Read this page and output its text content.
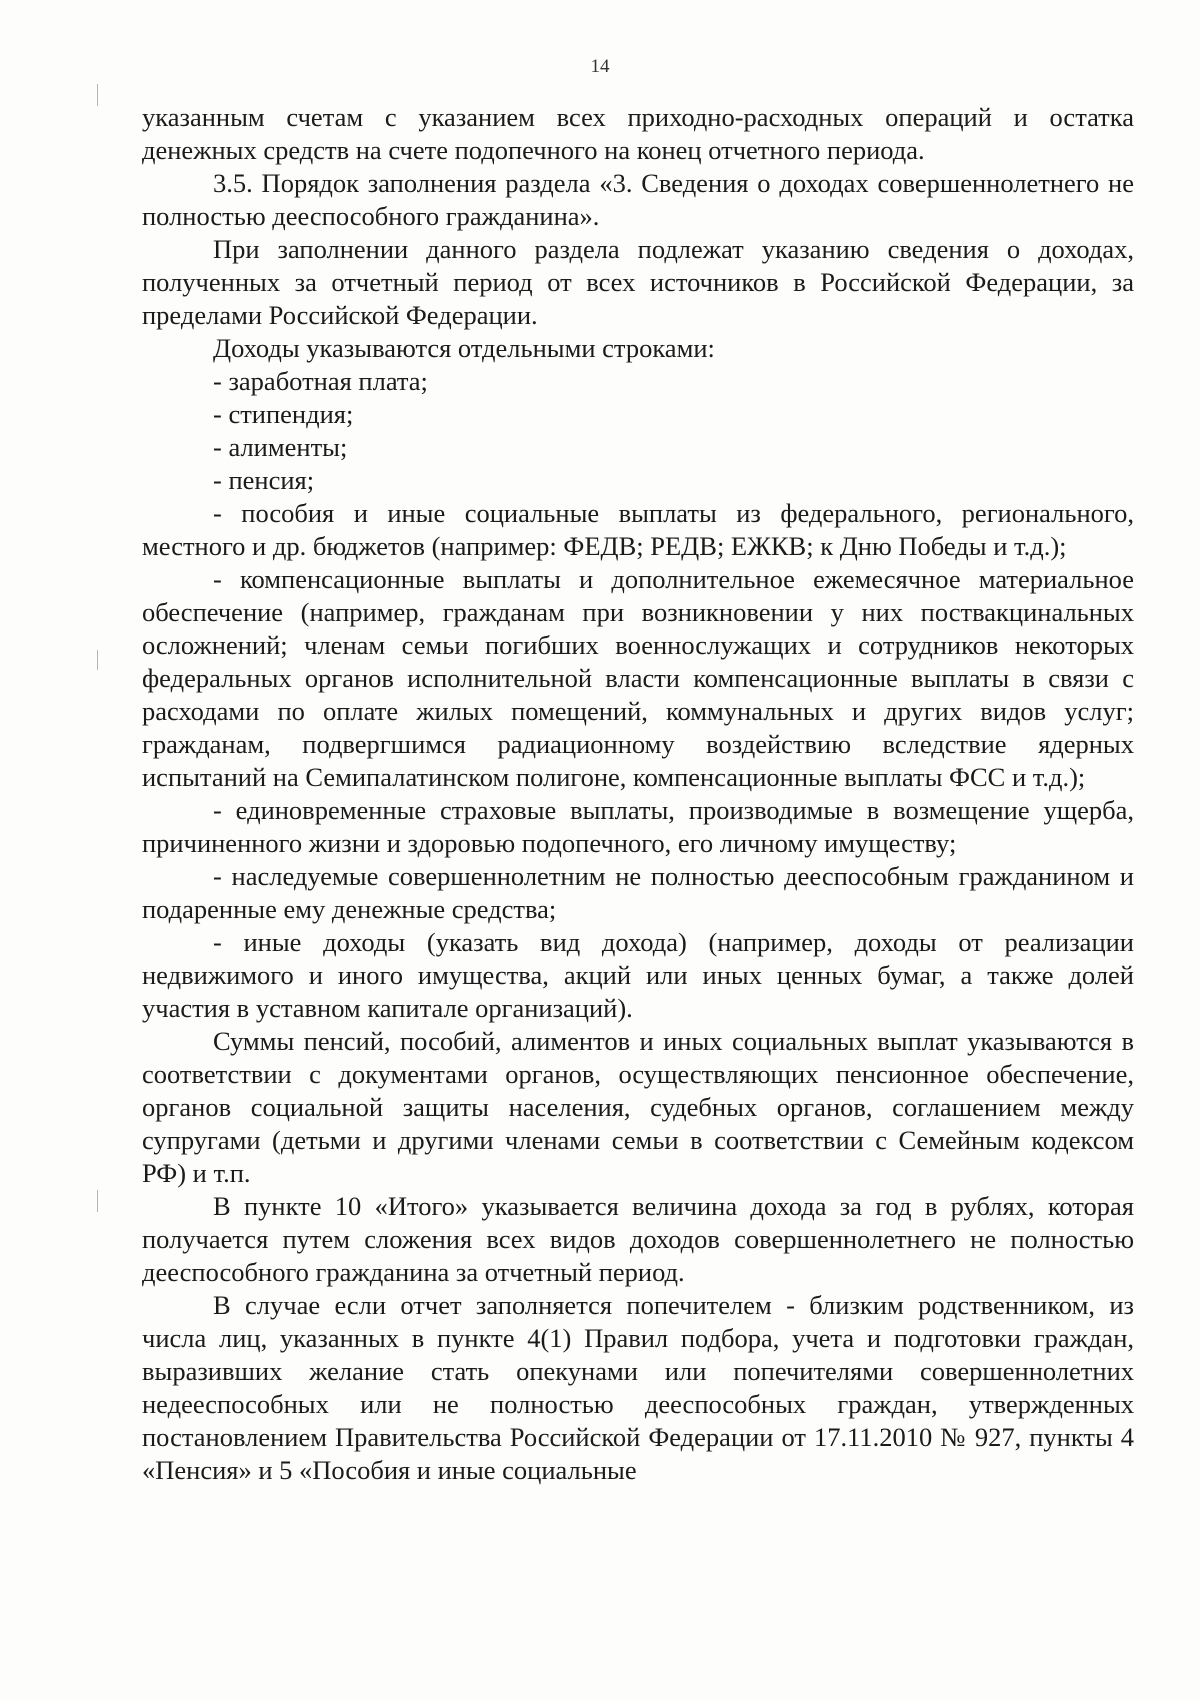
14

указанным счетам с указанием всех приходно-расходных операций и остатка денежных средств на счете подопечного на конец отчетного периода.

3.5. Порядок заполнения раздела «3. Сведения о доходах совершеннолетнего не полностью дееспособного гражданина».

При заполнении данного раздела подлежат указанию сведения о доходах, полученных за отчетный период от всех источников в Российской Федерации, за пределами Российской Федерации.

Доходы указываются отдельными строками:

- заработная плата;

- стипендия;

- алименты;

- пенсия;

- пособия и иные социальные выплаты из федерального, регионального, местного и др. бюджетов (например: ФЕДВ; РЕДВ; ЕЖКВ; к Дню Победы и т.д.);

- компенсационные выплаты и дополнительное ежемесячное материальное обеспечение (например, гражданам при возникновении у них поствакцинальных осложнений; членам семьи погибших военнослужащих и сотрудников некоторых федеральных органов исполнительной власти компенсационные выплаты в связи с расходами по оплате жилых помещений, коммунальных и других видов услуг; гражданам, подвергшимся радиационному воздействию вследствие ядерных испытаний на Семипалатинском полигоне, компенсационные выплаты ФСС и т.д.);

- единовременные страховые выплаты, производимые в возмещение ущерба, причиненного жизни и здоровью подопечного, его личному имуществу;

- наследуемые совершеннолетним не полностью дееспособным гражданином и подаренные ему денежные средства;

- иные доходы (указать вид дохода) (например, доходы от реализации недвижимого и иного имущества, акций или иных ценных бумаг, а также долей участия в уставном капитале организаций).

Суммы пенсий, пособий, алиментов и иных социальных выплат указываются в соответствии с документами органов, осуществляющих пенсионное обеспечение, органов социальной защиты населения, судебных органов, соглашением между супругами (детьми и другими членами семьи в соответствии с Семейным кодексом РФ) и т.п.

В пункте 10 «Итого» указывается величина дохода за год в рублях, которая получается путем сложения всех видов доходов совершеннолетнего не полностью дееспособного гражданина за отчетный период.

В случае если отчет заполняется попечителем - близким родственником, из числа лиц, указанных в пункте 4(1) Правил подбора, учета и подготовки граждан, выразивших желание стать опекунами или попечителями совершеннолетних недееспособных или не полностью дееспособных граждан, утвержденных постановлением Правительства Российской Федерации от 17.11.2010 № 927, пункты 4 «Пенсия» и 5 «Пособия и иные социальные
